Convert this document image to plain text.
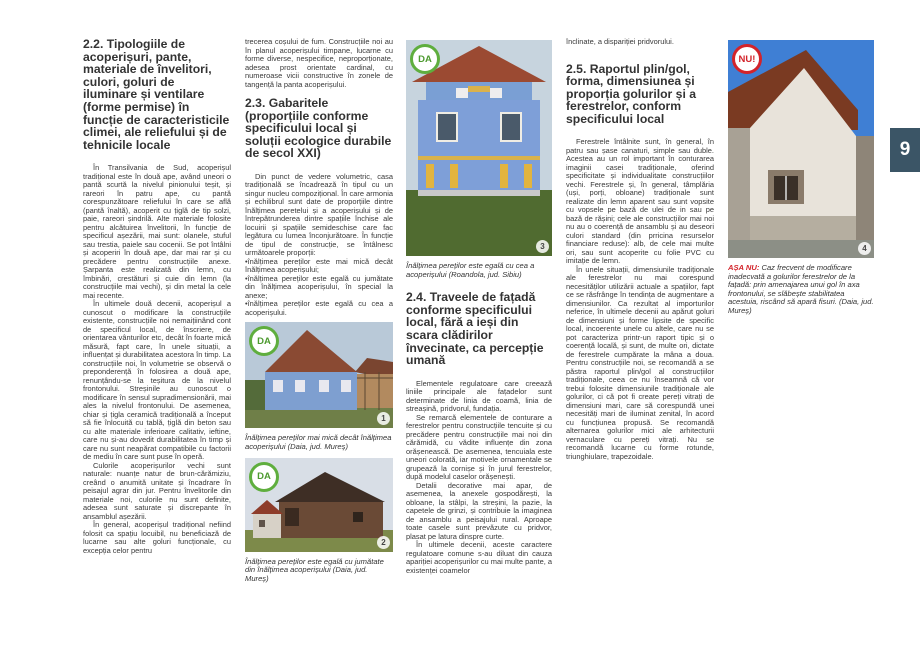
2.2. Tipologiile de acoperișuri, pante, materiale de învelitori, culori, goluri de iluminare și ventilare (forme permise) în funcție de caracteristicile climei, ale reliefului și de tehnicile locale

În Transilvania de Sud, acoperișul tradițional este în două ape, având uneori o pantă scurtă la nivelul pinionului teșit, și rareori în patru ape, cu pantă corespunzătoare reliefului în care se află (pantă înaltă), acoperit cu țiglă de tip solzi, paie, rareori șindrilă. Alte materiale folosite pentru alcătuirea învelitorii, în funcție de specificul așezării, mai sunt: olanele, stuful sau trestia, paiele sau cocenii. Se pot întâlni și acoperiri în două ape, dar mai rar și cu precădere pentru construcțiile anexe. Șarpanta este realizată din lemn, cu îmbinări, crestături și cuie din lemn (la construcțiile mai vechi), și din metal la cele mai recente.

În ultimele două decenii, acoperișul a cunoscut o modificare la construcțiile existente, construcțiile noi nemaițiinând cont de specificul local, de înscriere, de orientarea vânturilor etc, decât în foarte mică măsură, fapt care, în unele situații, a influențat și durabilitatea acestora în timp. La construcțiile noi, în volumetrie se observă o preponderență în folosirea a două ape, renunțându-se la teșitura de la nivelul frontonului. Streșinile au cunoscut o modificare în sensul supradimensionării, mai ales la nivelul frontonului. De asemenea, chiar și țigla ceramică tradițională a început să fie înlocuită cu tablă, țiglă din beton sau cu alte materiale inferioare calitativ, ieftine, care nu și-au dovedit durabilitatea în timp și care nu sunt neapărat compatibile cu factorii de mediu în care sunt puse în operă.

Culorile acoperișurilor vechi sunt naturale: nuanțe natur de brun-cărămiziu, creând o anumită unitate și încadrare în peisajul agrar din jur. Pentru învelitorile din materiale noi, culorile nu sunt definite, adesea sunt saturate și discrepante în ansamblul așezării.

În general, acoperișul tradițional nefiind folosit ca spațiu locuibil, nu beneficiază de lucarne sau alte goluri funcționale, cu excepția celor pentru

trecerea coșului de fum. Construcțiile noi au în planul acoperișului timpane, lucarne cu forme diverse, nespecifice, neproporționate, adesea prost orientate cardinal, cu numeroase vicii constructive în zonele de tangență la panta acoperișului.

2.3. Gabaritele (proporțiile conforme specificului local și soluții ecologice durabile de secol XXI)

Din punct de vedere volumetric, casa tradițională se încadrează în tipul cu un singur nucleu compozițional. În care armonia și echilibrul sunt date de proporțiile dintre înălțimea peretelui și a acoperișului și de întrepătrunderea dintre spațiile închise ale locuirii și spațiile semideschise care fac legătura cu lumea înconjurătoare. În funcție de tipul de construcție, se întâlnesc următoarele proporții:

•înălțimea pereților este mai mică decât înălțimea acoperișului;

•înălțimea pereților este egală cu jumătate din înălțimea acoperișului, în special la anexe;

•înălțimea pereților este egală cu cea a acoperișului.

DA
1
Înălțimea pereților mai mică decât înălțimea acoperișului (Daia, jud. Mureș)
DA
2
Înălțimea pereților este egală cu jumătate din înălțimea acoperișului (Daia, jud. Mureș)
DA
3
Înălțimea pereților este egală cu cea a acoperișului (Roandola, jud. Sibiu)
2.4. Traveele de fațadă conforme specificului local, fără a ieși din scara clădirilor învecinate, ca percepție umană

Elementele regulatoare care creează liniile principale ale fațadelor sunt determinate de linia de coamă, linia de streașină, pridvorul, fundația.

Se remarcă elementele de conturare a ferestrelor pentru construcțiile tencuite și cu precădere pentru construcțiile mai noi din cărămidă, cu vădite influențe din zona orășenească. De asemenea, tencuiala este uneori colorată, iar motivele ornamentale se grupează la cornișe și în jurul ferestrelor, după modelul caselor orășenești.

Detalii decorative mai apar, de asemenea, la anexele gospodărești, la obloane, la stâlpi, la streșini, la pazie, la capetele de grinzi, și contribuie la imaginea de ansamblu a peisajului rural. Aproape toate casele sunt prevăzute cu pridvor, plasat pe latura dinspre curte.

În ultimele decenii, aceste caractere regulatoare comune s-au diluat din cauza apariției acoperișurilor cu mai multe pante, a existenței coamelor

înclinate, a dispariției pridvorului.

2.5. Raportul plin/gol, forma, dimensiunea și proporția golurilor și a ferestrelor, conform specificului local

Ferestrele întâlnite sunt, în general, în patru sau șase canaturi, simple sau duble. Acestea au un rol important în conturarea imaginii casei tradiționale, oferind specificitate și individualitate construcțiilor vechi. Ferestrele și, în general, tâmplăria (uși, porți, obloane) tradiționale sunt realizate din lemn aparent sau sunt vopsite cu vopsele pe bază de ulei de in sau pe bază de rășini; cele ale construcțiilor mai noi nu au o coerență de ansamblu și au deseori culori standard (din prricina resurselor financiare reduse): alb, de cele mai multe ori, sau sunt acoperite cu folie PVC cu imitație de lemn.

În unele situații, dimensiunile tradiționale ale ferestrelor nu mai corespund necesităților utilizării actuale a spațiilor, fapt ce se răsfrânge în tendința de augmentare a dimensiunilor. Ca rezultat al importurilor neferice, în ultimele decenii au apărut goluri de dimensiuni și forme lipsite de specific local, incoerente unele cu altele, care nu se pot caracteriza printr-un raport tipic și o coerență locală, și sunt, de multe ori, dictate de ferestrele cumpărate la mâna a doua. Pentru construcțiile noi, se recomandă a se păstra raportul plin/gol al construcțiilor tradiționale, ceea ce nu înseamnă că vor trebui folosite dimensiunile tradiționale ale golurilor, ci că pot fi create pereți vitrați de dimensiuni mari, care să corespundă unei necesități mari de iluminat zenital, în acord cu funcțiunea propusă. Se recomandă alternarea golurilor mici ale arhitecturii vernaculare cu pereți vitrați. Nu se recomandă lucarne cu forme rotunde, triunghiulare, trapezoidale.

NU!
4
AȘA NU: Caz frecvent de modificare inadecvată a golurilor ferestrelor de la fațadă: prin amenajarea unui gol în axa frontonului, se slăbește stabilitatea acestuia, riscând să apară fisuri. (Daia, jud. Mureș)
9
